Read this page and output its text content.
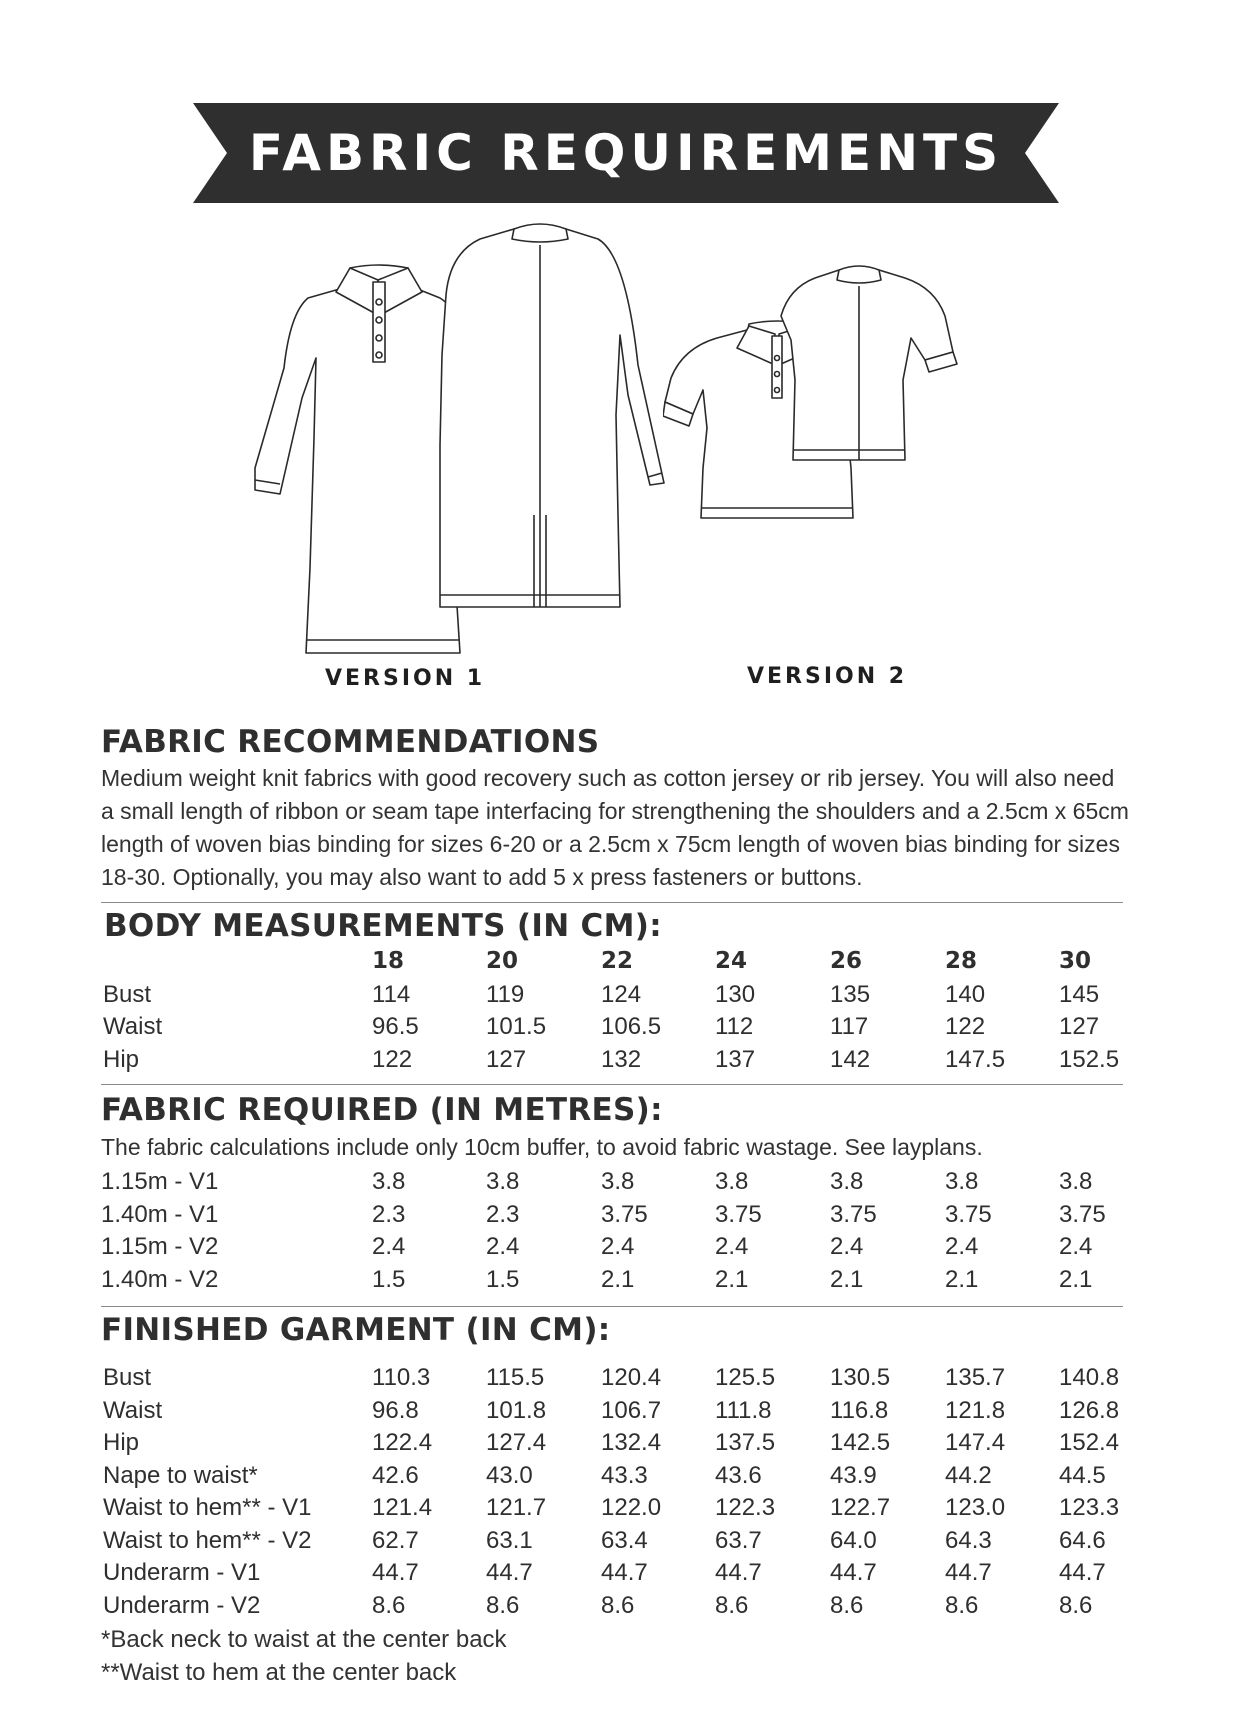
FABRIC REQUIREMENTS
VERSION 1	VERSION 2
FABRIC RECOMMENDATIONS
Medium weight knit fabrics with good recovery such as cotton jersey or rib jersey. You will also need a small length of ribbon or seam tape interfacing for strengthening the shoulders and a 2.5cm x 65cm length of woven bias binding for sizes 6-20 or a 2.5cm x 75cm length of woven bias binding for sizes 18-30. Optionally, you may also want to add 5 x press fasteners or buttons.
BODY MEASUREMENTS (IN CM):
18	20	22	24	26	28	30
Bust	114	119	124	130	135	140	145
Waist	96.5	101.5 106.5 112	117	122	127
Hip	122	127	132	137	142	147.5 152.5
FABRIC REQUIRED (IN METRES):
The fabric calculations include only 10cm buffer, to avoid fabric wastage. See layplans.
1.15m - V1	3.8	3.8	3.8	3.8	3.8	3.8	3.8
1.40m - V1	2.3	2.3	3.75	3.75	3.75	3.75	3.75
1.15m - V2	2.4	2.4	2.4	2.4	2.4	2.4	2.4
1.40m - V2	1.5	1.5	2.1	2.1	2.1	2.1	2.1
FINISHED GARMENT (IN CM):
Bust	110.3 115.5 120.4 125.5 130.5 135.7 140.8
Waist	96.8	101.8 106.7 111.8 116.8 121.8 126.8
Hip	122.4 127.4 132.4 137.5 142.5 147.4 152.4
Nape to waist*	42.6	43.0	43.3	43.6	43.9	44.2	44.5
Waist to hem** - V1	121.4 121.7 122.0 122.3 122.7 123.0 123.3
Waist to hem** - V2	62.7	63.1	63.4	63.7	64.0	64.3	64.6
Underarm - V1	44.7	44.7	44.7	44.7	44.7	44.7	44.7
Underarm - V2	8.6	8.6	8.6	8.6	8.6	8.6	8.6
*Back neck to waist at the center back
**Waist to hem at the center back
